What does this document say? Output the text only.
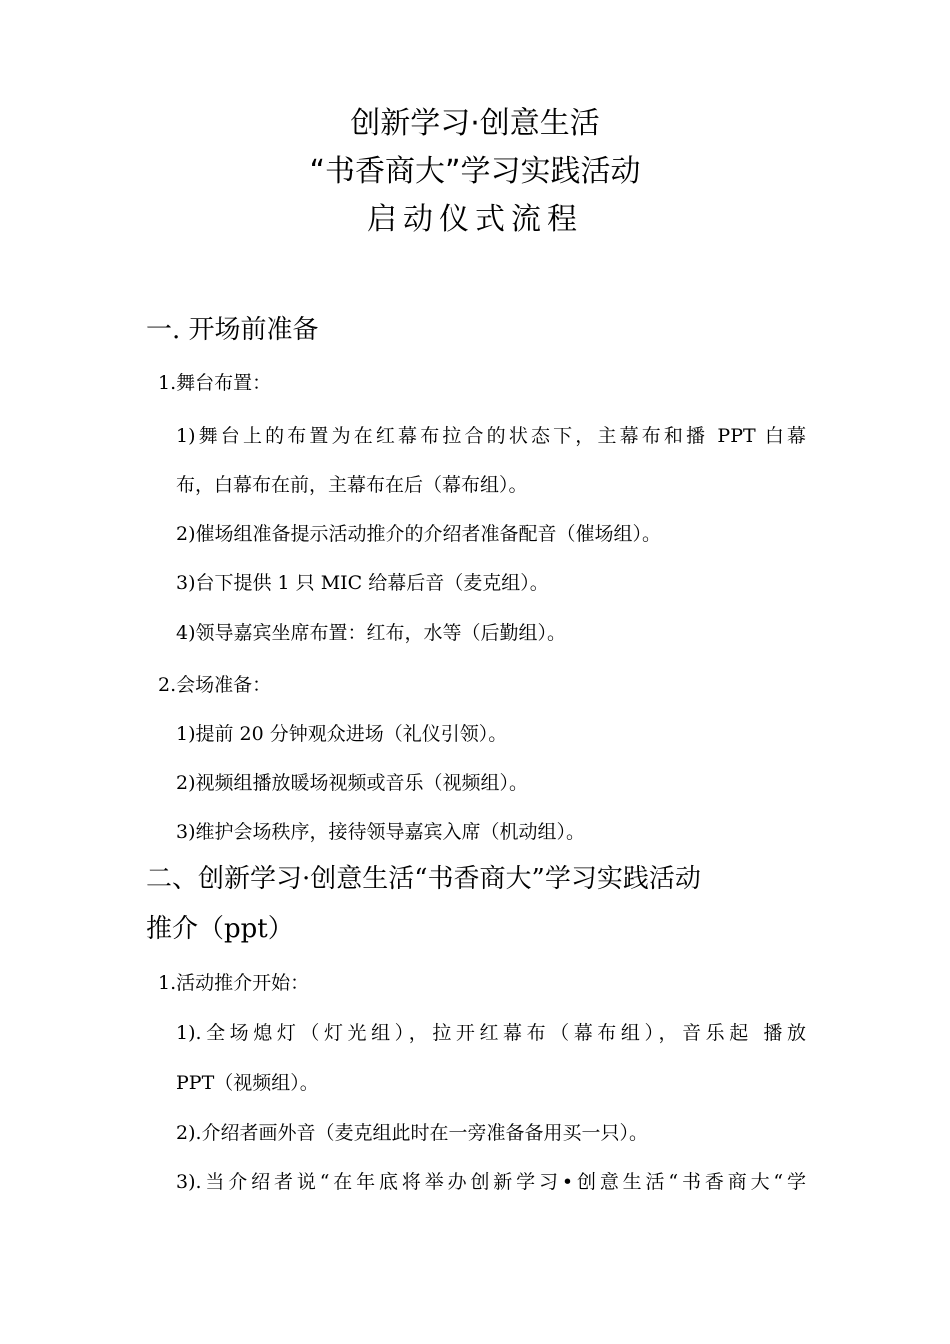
创新学习·创意生活
“书香商大”学习实践活动
启动仪式流程
一. 开场前准备
1.舞台布置：
1)舞台上的布置为在红幕布拉合的状态下，主幕布和播 PPT 白幕
布，白幕布在前，主幕布在后（幕布组）。
2)催场组准备提示活动推介的介绍者准备配音（催场组）。
3)台下提供 1 只 MIC 给幕后音（麦克组）。
4)领导嘉宾坐席布置：红布，水等（后勤组）。
2.会场准备：
1)提前 20 分钟观众进场（礼仪引领）。
2)视频组播放暖场视频或音乐（视频组）。
3)维护会场秩序，接待领导嘉宾入席（机动组）。
二、创新学习·创意生活“书香商大”学习实践活动
推介（ppt）
1.活动推介开始：
1).全场熄灯（灯光组），拉开红幕布（幕布组），音乐起 播放
PPT（视频组）。
2).介绍者画外音（麦克组此时在一旁准备备用买一只）。
3).当介绍者说“在年底将举办创新学习•创意生活“书香商大“学
